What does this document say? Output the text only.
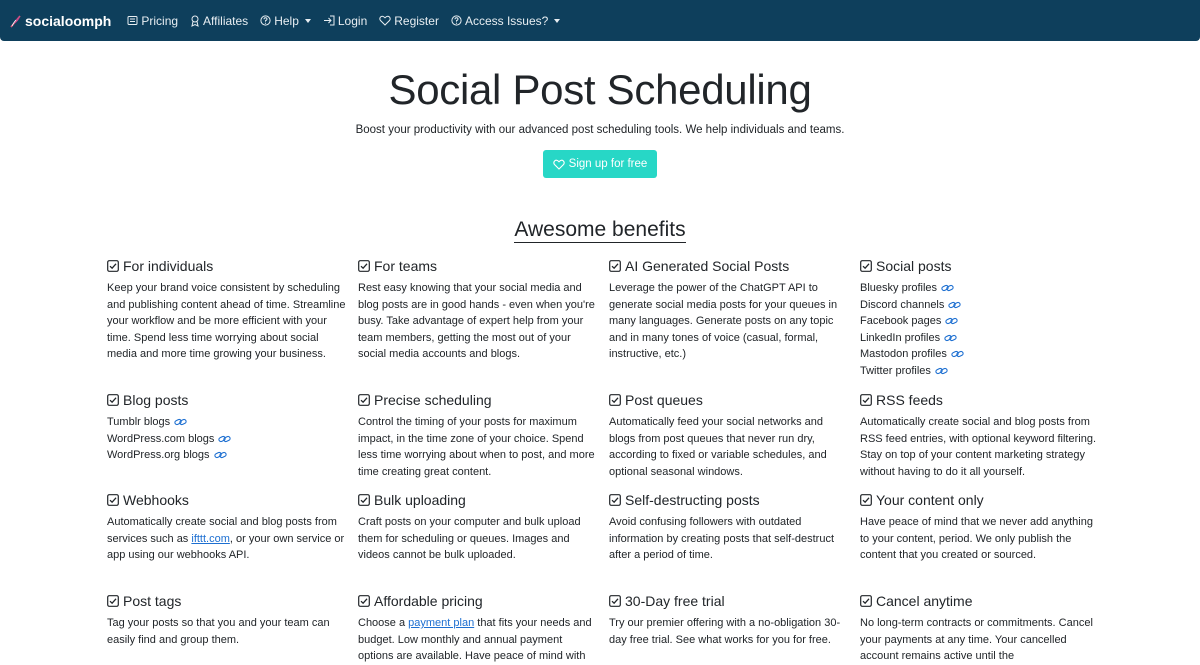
socialoomph	Pricing Affiliates Help	Login Register Access Issues?
Social Post Scheduling

Boost your productivity with our advanced post scheduling tools. We help individuals and teams.

Sign up for free
Awesome benefits
For individuals

Keep your brand voice consistent by scheduling and publishing content ahead of time. Streamline your workflow and be more efficient with your time. Spend less time worrying about social media and more time growing your business.

For teams

Rest easy knowing that your social media and blog posts are in good hands - even when you're busy. Take advantage of expert help from your team members, getting the most out of your social media accounts and blogs.

AI Generated Social Posts

Leverage the power of the ChatGPT API to generate social media posts for your queues in many languages. Generate posts on any topic and in many tones of voice (casual, formal, instructive, etc.)

Social posts
Bluesky profiles
Discord channels
Facebook pages
LinkedIn profiles
Mastodon profiles
Twitter profiles
Blog posts
Tumblr blogs
WordPress.com blogs
WordPress.org blogs
Precise scheduling

Control the timing of your posts for maximum impact, in the time zone of your choice. Spend less time worrying about when to post, and more time creating great content.

Post queues

Automatically feed your social networks and blogs from post queues that never run dry, according to fixed or variable schedules, and optional seasonal windows.

RSS feeds

Automatically create social and blog posts from RSS feed entries, with optional keyword filtering. Stay on top of your content marketing strategy without having to do it all yourself.

Webhooks

Automatically create social and blog posts from services such as ifttt.com, or your own service or app using our webhooks API.

Bulk uploading

Craft posts on your computer and bulk upload them for scheduling or queues. Images and videos cannot be bulk uploaded.

Self-destructing posts

Avoid confusing followers with outdated information by creating posts that self-destruct after a period of time.

Your content only

Have peace of mind that we never add anything to your content, period. We only publish the content that you created or sourced.

Post tags

Tag your posts so that you and your team can easily find and group them.

Affordable pricing

Choose a payment plan that fits your needs and budget. Low monthly and annual payment options are available. Have peace of mind with

30-Day free trial

Try our premier offering with a no-obligation 30-day free trial. See what works for you for free.

Cancel anytime

No long-term contracts or commitments. Cancel your payments at any time. Your cancelled account remains active until the
